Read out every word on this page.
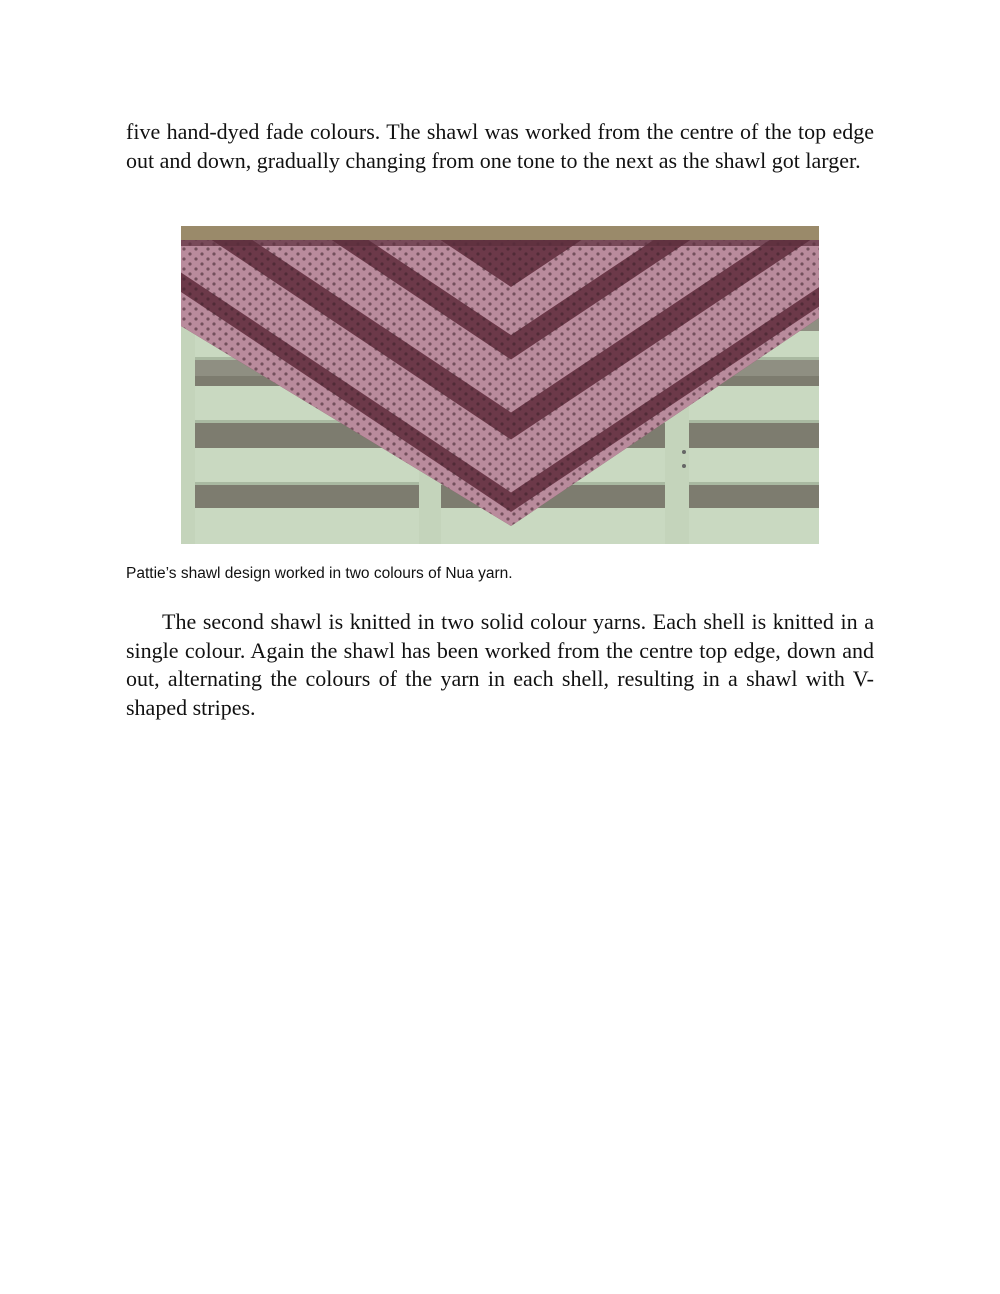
five hand-dyed fade colours. The shawl was worked from the centre of the top edge out and down, gradually changing from one tone to the next as the shawl got larger.

Pattie’s shawl design worked in two colours of Nua yarn.

The second shawl is knitted in two solid colour yarns. Each shell is knitted in a single colour. Again the shawl has been worked from the centre top edge, down and out, alternating the colours of the yarn in each shell, resulting in a shawl with V-shaped stripes.
